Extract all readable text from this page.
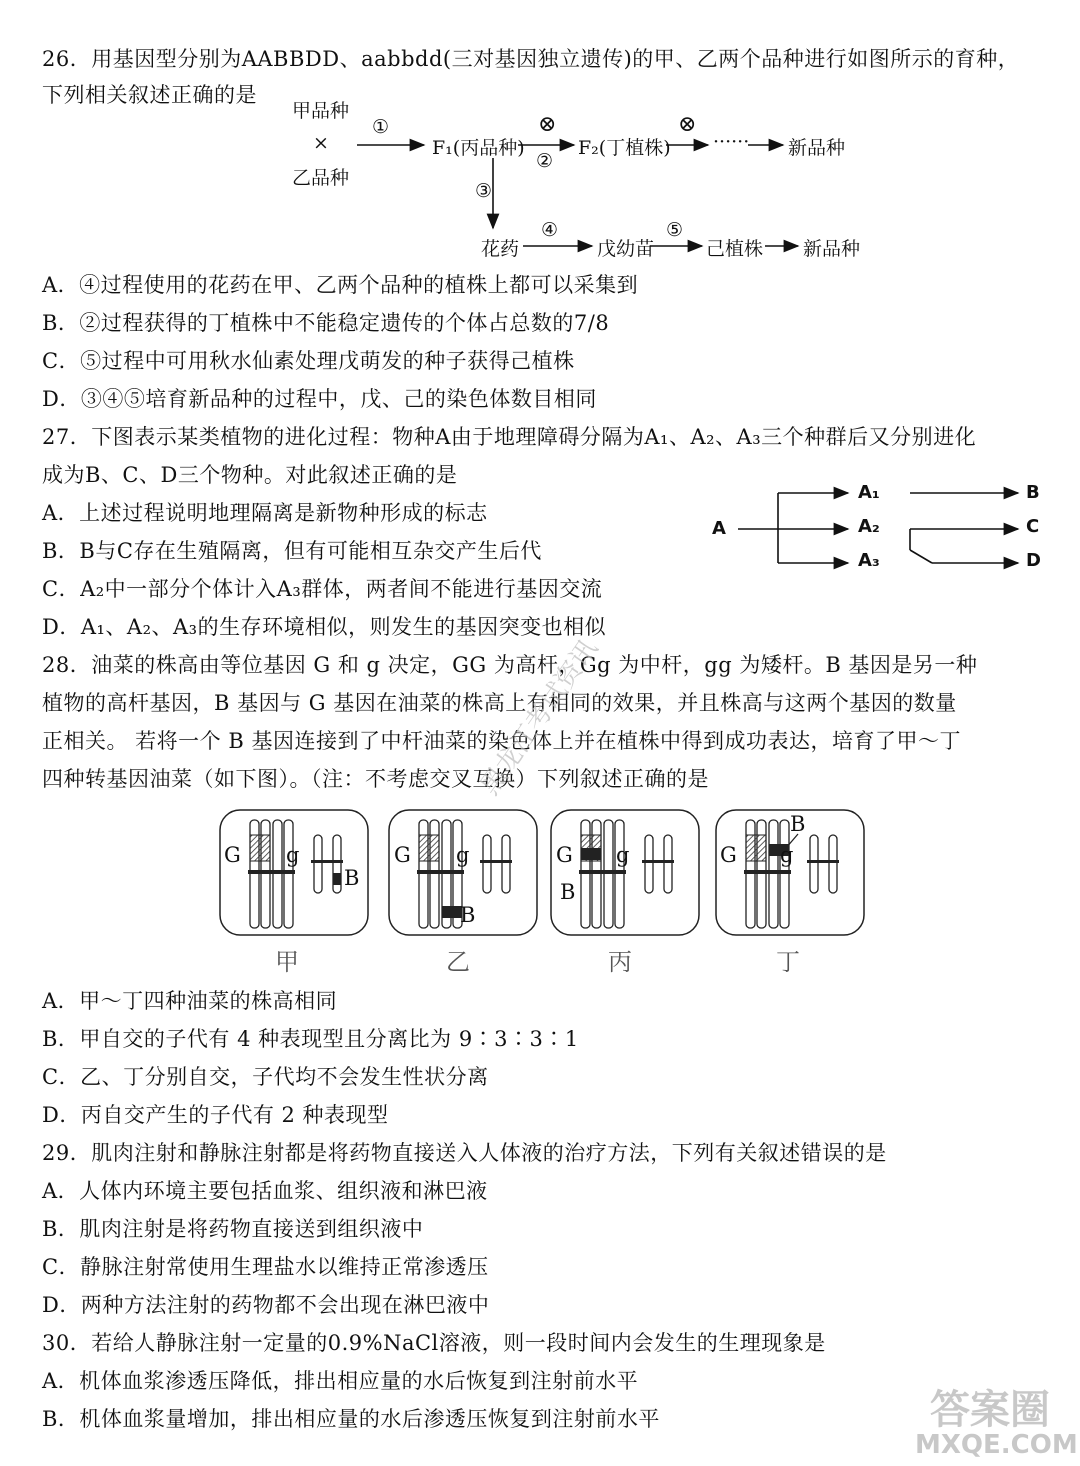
26．用基因型分别为AABBDD、aabbdd(三对基因独立遗传)的甲、乙两个品种进行如图所示的育种，
下列相关叙述正确的是
甲品种
×
乙品种
①
F₁(丙品种)
⊗
②
F₂(丁植株)
⊗
······ 新品种
③
花药
④
戊幼苗
⑤
己植株 新品种
A．④过程使用的花药在甲、乙两个品种的植株上都可以采集到
B．②过程获得的丁植株中不能稳定遗传的个体占总数的7/8
C．⑤过程中可用秋水仙素处理戊萌发的种子获得己植株
D．③④⑤培育新品种的过程中，戊、己的染色体数目相同
27．下图表示某类植物的进化过程：物种A由于地理障碍分隔为A₁、A₂、A₃三个种群后又分别进化
成为B、C、D三个物种。对此叙述正确的是
A．上述过程说明地理隔离是新物种形成的标志
B．B与C存在生殖隔离，但有可能相互杂交产生后代
C．A₂中一部分个体计入A₃群体，两者间不能进行基因交流
D．A₁、A₂、A₃的生存环境相似，则发生的基因突变也相似
A
A₁
A₂
A₃
B
C
D
28．油菜的株高由等位基因 G 和 g 决定，GG 为高杆，Gg 为中杆，gg 为矮杆。B 基因是另一种
植物的高杆基因，B 基因与 G 基因在油菜的株高上有相同的效果，并且株高与这两个基因的数量
正相关。 若将一个 B 基因连接到了中杆油菜的染色体上并在植株中得到成功表达，培育了甲～丁
四种转基因油菜（如下图）。（注：不考虑交叉互换）下列叙述正确的是
G g
B
G g
B
G g
B
G g
B
甲	乙	丙	丁
A．甲～丁四种油菜的株高相同
B．甲自交的子代有 4 种表现型且分离比为 9∶3∶3∶1
C．乙、丁分别自交，子代均不会发生性状分离
D．丙自交产生的子代有 2 种表现型
29．肌肉注射和静脉注射都是将药物直接送入人体液的治疗方法，下列有关叙述错误的是
A．人体内环境主要包括血浆、组织液和淋巴液
B．肌肉注射是将药物直接送到组织液中
C．静脉注射常使用生理盐水以维持正常渗透压
D．两种方法注射的药物都不会出现在淋巴液中
30．若给人静脉注射一定量的0.9%NaCl溶液，则一段时间内会发生的生理现象是
A．机体血浆渗透压降低，排出相应量的水后恢复到注射前水平
B．机体血浆量增加，排出相应量的水后渗透压恢复到注射前水平
黑龙江考试资讯
答案圈
MXQE.COM
